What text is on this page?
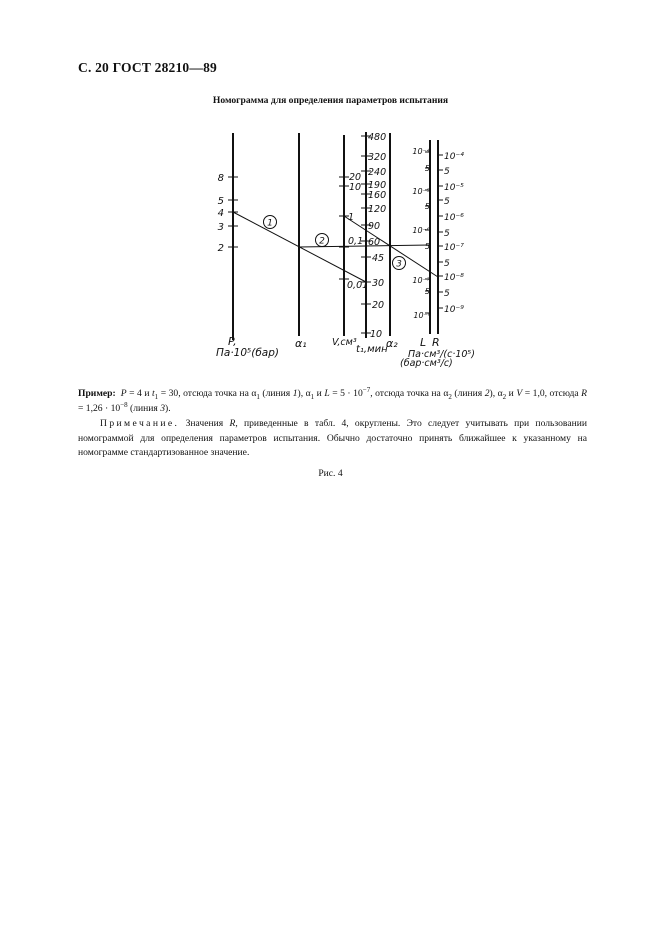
С. 20 ГОСТ 28210—89
Номограмма для определения параметров испытания
8
5
4
3
2
20
10
1
0,1
0,01
480
320
240
190
160
120
90
60
45
30
20
10
10⁻⁴
5
10⁻⁵
5
10⁻⁶
5
10⁻⁷
5
10⁻⁸
10⁻⁴
5
10⁻⁵
5
10⁻⁶
5
10⁻⁷
5
10⁻⁸
5
10⁻⁹
1
2
3
P,
Па·10⁵(бар)
α₁	V,см³
t₁,мин
α₂ L R
Па·см³/(с·10⁵)
(бар·см³/с)
Пример: P = 4 и $t_1 = 30$, отсюда точка на $\alpha_1$ (линия 1), $\alpha_1$ и $L = 5 \cdot 10^{-7}$, отсюда точка на $\alpha_2$ (линия 2), $\alpha_2$ и V = 1,0, отсюда $R = 1,26 \cdot 10^{-8}$ (линия 3).
Примечание. Значения R, приведенные в табл. 4, округлены. Это следует учитывать при пользовании номограммой для определения параметров испытания. Обычно достаточно принять ближайшее к указанному на номограмме стандартизованное значение.
Рис. 4
